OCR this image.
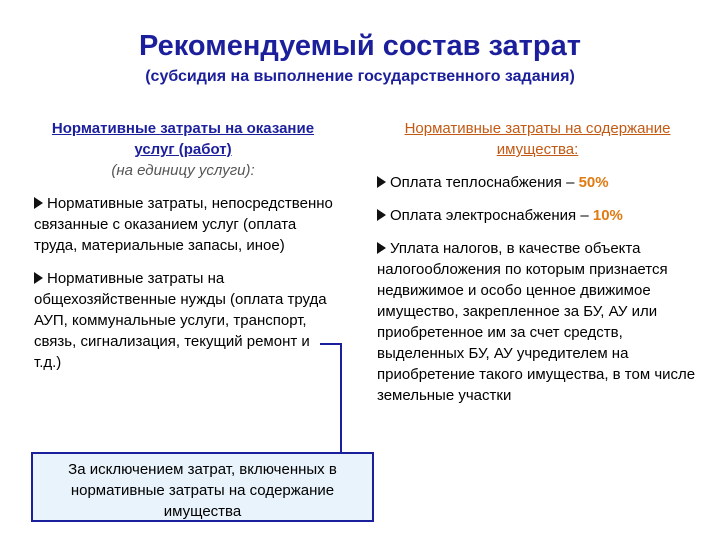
Рекомендуемый состав затрат
(субсидия на выполнение государственного задания)
Нормативные затраты на оказание услуг (работ)
(на единицу услуги):
Нормативные затраты на содержание имущества:
Нормативные затраты, непосредственно связанные с оказанием услуг (оплата труда, материальные запасы, иное)
Нормативные затраты на общехозяйственные нужды (оплата труда АУП, коммунальные услуги, транспорт, связь, сигнализация, текущий ремонт и т.д.)
Оплата теплоснабжения – 50%
Оплата электроснабжения – 10%
Уплата налогов, в качестве объекта налогообложения по которым признается недвижимое и особо ценное движимое имущество, закрепленное за БУ, АУ или приобретенное им за счет средств, выделенных БУ, АУ учредителем на приобретение такого имущества, в том числе земельные участки
За исключением затрат, включенных в нормативные затраты на содержание имущества
